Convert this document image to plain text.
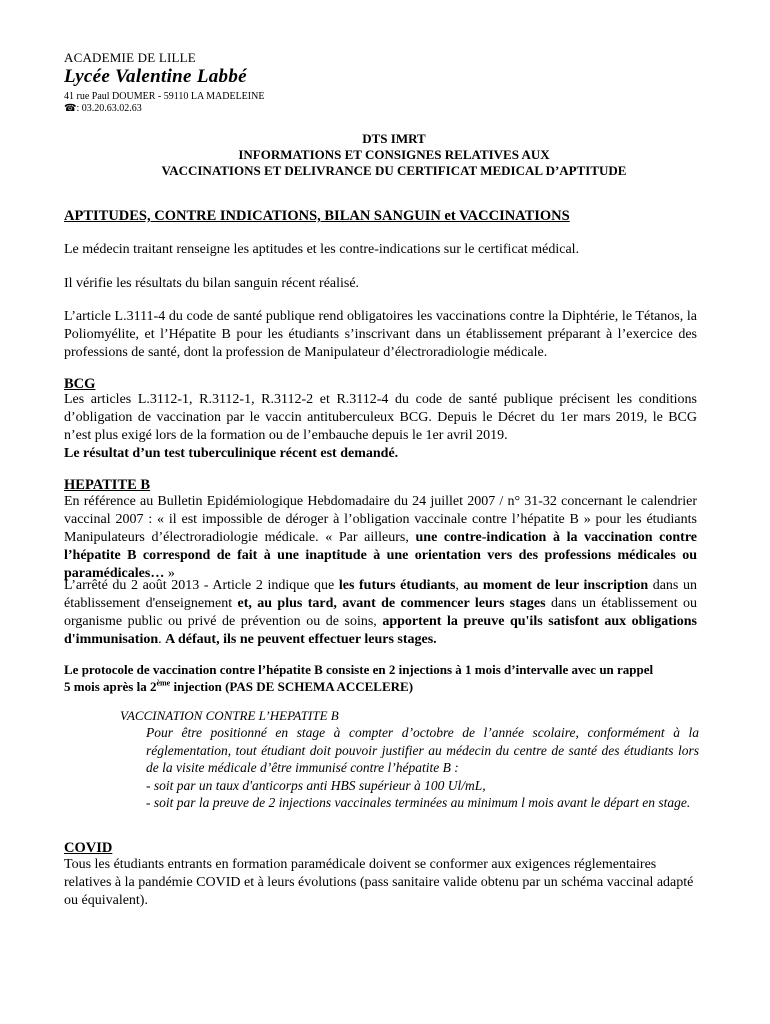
ACADEMIE DE LILLE
Lycée Valentine Labbé
41 rue Paul DOUMER - 59110 LA MADELEINE
☎: 03.20.63.02.63
DTS IMRT
INFORMATIONS ET CONSIGNES RELATIVES AUX
VACCINATIONS ET DELIVRANCE DU CERTIFICAT MEDICAL D’APTITUDE
APTITUDES, CONTRE INDICATIONS, BILAN SANGUIN et VACCINATIONS
Le médecin traitant renseigne les aptitudes et les contre-indications sur le certificat médical.
Il vérifie les résultats du bilan sanguin récent réalisé.
L’article L.3111-4 du code de santé publique rend obligatoires les vaccinations contre la Diphtérie, le Tétanos, la Poliomyélite, et l’Hépatite B pour les étudiants s’inscrivant dans un établissement préparant à l’exercice des professions de santé, dont la profession de Manipulateur d’électroradiologie médicale.
BCG
Les articles L.3112-1, R.3112-1, R.3112-2 et R.3112-4 du code de santé publique précisent les conditions d’obligation de vaccination par le vaccin antituberculeux BCG. Depuis le Décret du 1er mars 2019, le BCG n’est plus exigé lors de la formation ou de l’embauche depuis le 1er avril 2019.
Le résultat d’un test tuberculinique récent est demandé.
HEPATITE B
En référence au Bulletin Epidémiologique Hebdomadaire du 24 juillet 2007 / n° 31-32 concernant le calendrier vaccinal 2007 : « il est impossible de déroger à l’obligation vaccinale contre l’hépatite B » pour les étudiants Manipulateurs d’électroradiologie médicale. « Par ailleurs, une contre-indication à la vaccination contre l’hépatite B correspond de fait à une inaptitude à une orientation vers des professions médicales ou paramédicales… »
L’arrêté du 2 août 2013 - Article 2 indique que les futurs étudiants, au moment de leur inscription dans un établissement d'enseignement et, au plus tard, avant de commencer leurs stages dans un établissement ou organisme public ou privé de prévention ou de soins, apportent la preuve qu'ils satisfont aux obligations d'immunisation. A défaut, ils ne peuvent effectuer leurs stages.
Le protocole de vaccination contre l’hépatite B consiste en 2 injections à 1 mois d’intervalle avec un rappel
5 mois après la 2ème injection (PAS DE SCHEMA ACCELERE)
VACCINATION CONTRE L’HEPATITE B
Pour être positionné en stage à compter d’octobre de l’année scolaire, conformément à la réglementation, tout étudiant doit pouvoir justifier au médecin du centre de santé des étudiants lors de la visite médicale d’être immunisé contre l’hépatite B :
- soit par un taux d'anticorps anti HBS supérieur à 100 Ul/mL,
- soit par la preuve de 2 injections vaccinales terminées au minimum l mois avant le départ en stage.
COVID
Tous les étudiants entrants en formation paramédicale doivent se conformer aux exigences réglementaires relatives à la pandémie COVID et à leurs évolutions (pass sanitaire valide obtenu par un schéma vaccinal adapté ou équivalent).
